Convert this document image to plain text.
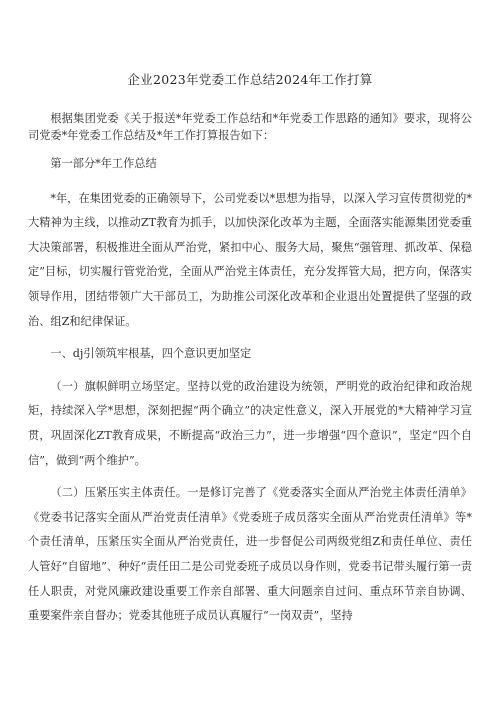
企业2023年党委工作总结2024年工作打算

根据集团党委《关于报送*年党委工作总结和*年党委工作思路的通知》要求，现将公司党委*年党委工作总结及*年工作打算报告如下：

第一部分*年工作总结

*年，在集团党委的正确领导下，公司党委以*思想为指导，以深入学习宣传贯彻党的*大精神为主线，以推动ZT教育为抓手，以加快深化改革为主题，全面落实能源集团党委重大决策部署，积极推进全面从严治党，紧扣中心、服务大局，聚焦“强管理、抓改革、保稳定”目标，切实履行管党治党，全面从严治党主体责任，充分发挥管大局，把方向，保落实领导作用，团结带领广大干部员工，为助推公司深化改革和企业退出处置提供了坚强的政治、组Z和纪律保证。

一、dj引领筑牢根基，四个意识更加坚定

（一）旗帜鲜明立场坚定。坚持以党的政治建设为统领，严明党的政治纪律和政治规矩，持续深入学*思想，深刻把握“两个确立”的决定性意义，深入开展党的*大精神学习宣贯，巩固深化ZT教育成果，不断提高“政治三力”，进一步增强“四个意识”，坚定“四个自信”，做到“两个维护”。

（二）压紧压实主体责任。一是修订完善了《党委落实全面从严治党主体责任清单》《党委书记落实全面从严治党责任清单》《党委班子成员落实全面从严治党责任清单》等*个责任清单，压紧压实全面从严治党责任，进一步督促公司两级党组Z和责任单位、责任人管好“自留地”、种好“责任田二是公司党委班子成员以身作则，党委书记带头履行第一责任人职责，对党风廉政建设重要工作亲自部署、重大问题亲自过问、重点环节亲自协调、重要案件亲自督办；党委其他班子成员认真履行“一岗双责”，坚持
